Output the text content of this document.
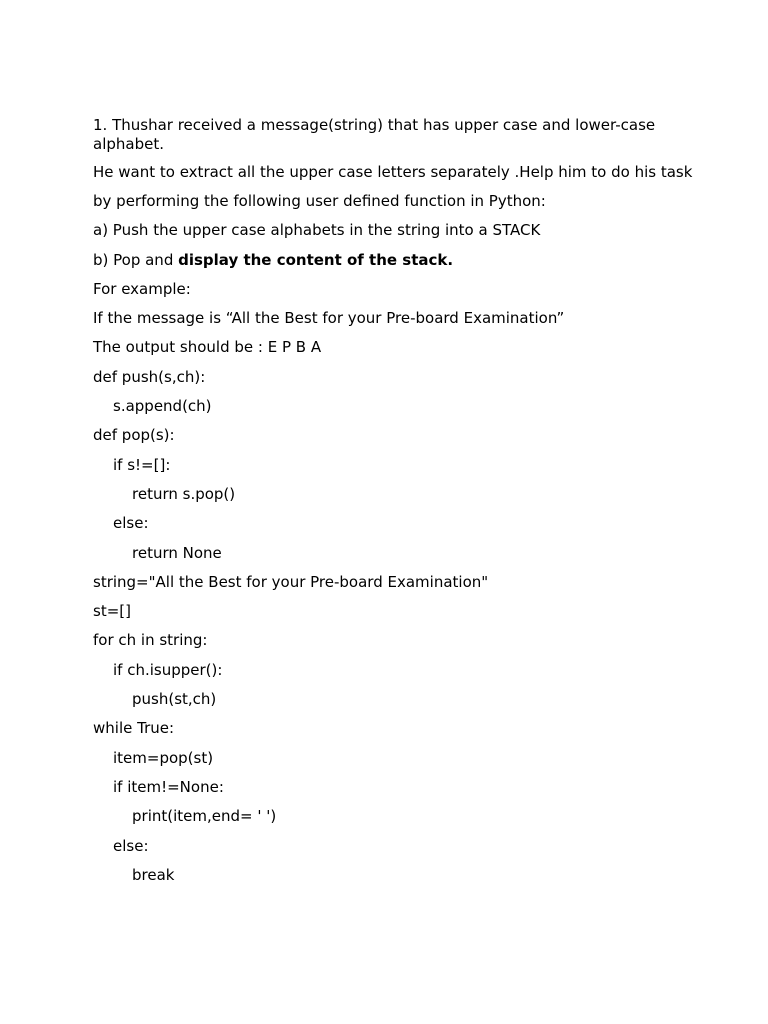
1. Thushar received a message(string) that has upper case and lower-case alphabet.

He want to extract all the upper case letters separately .Help him to do his task

by performing the following user defined function in Python:

a) Push the upper case alphabets in the string into a STACK

b) Pop and display the content of the stack.

For example:

If the message is “All the Best for your Pre-board Examination”

The output should be : E P B A

def push(s,ch):

s.append(ch)

def pop(s):

if s!=[]:

return s.pop()

else:

return None

string="All the Best for your Pre-board Examination"

st=[]

for ch in string:

if ch.isupper():

push(st,ch)

while True:

item=pop(st)

if item!=None:

print(item,end= ' ')

else:

break
